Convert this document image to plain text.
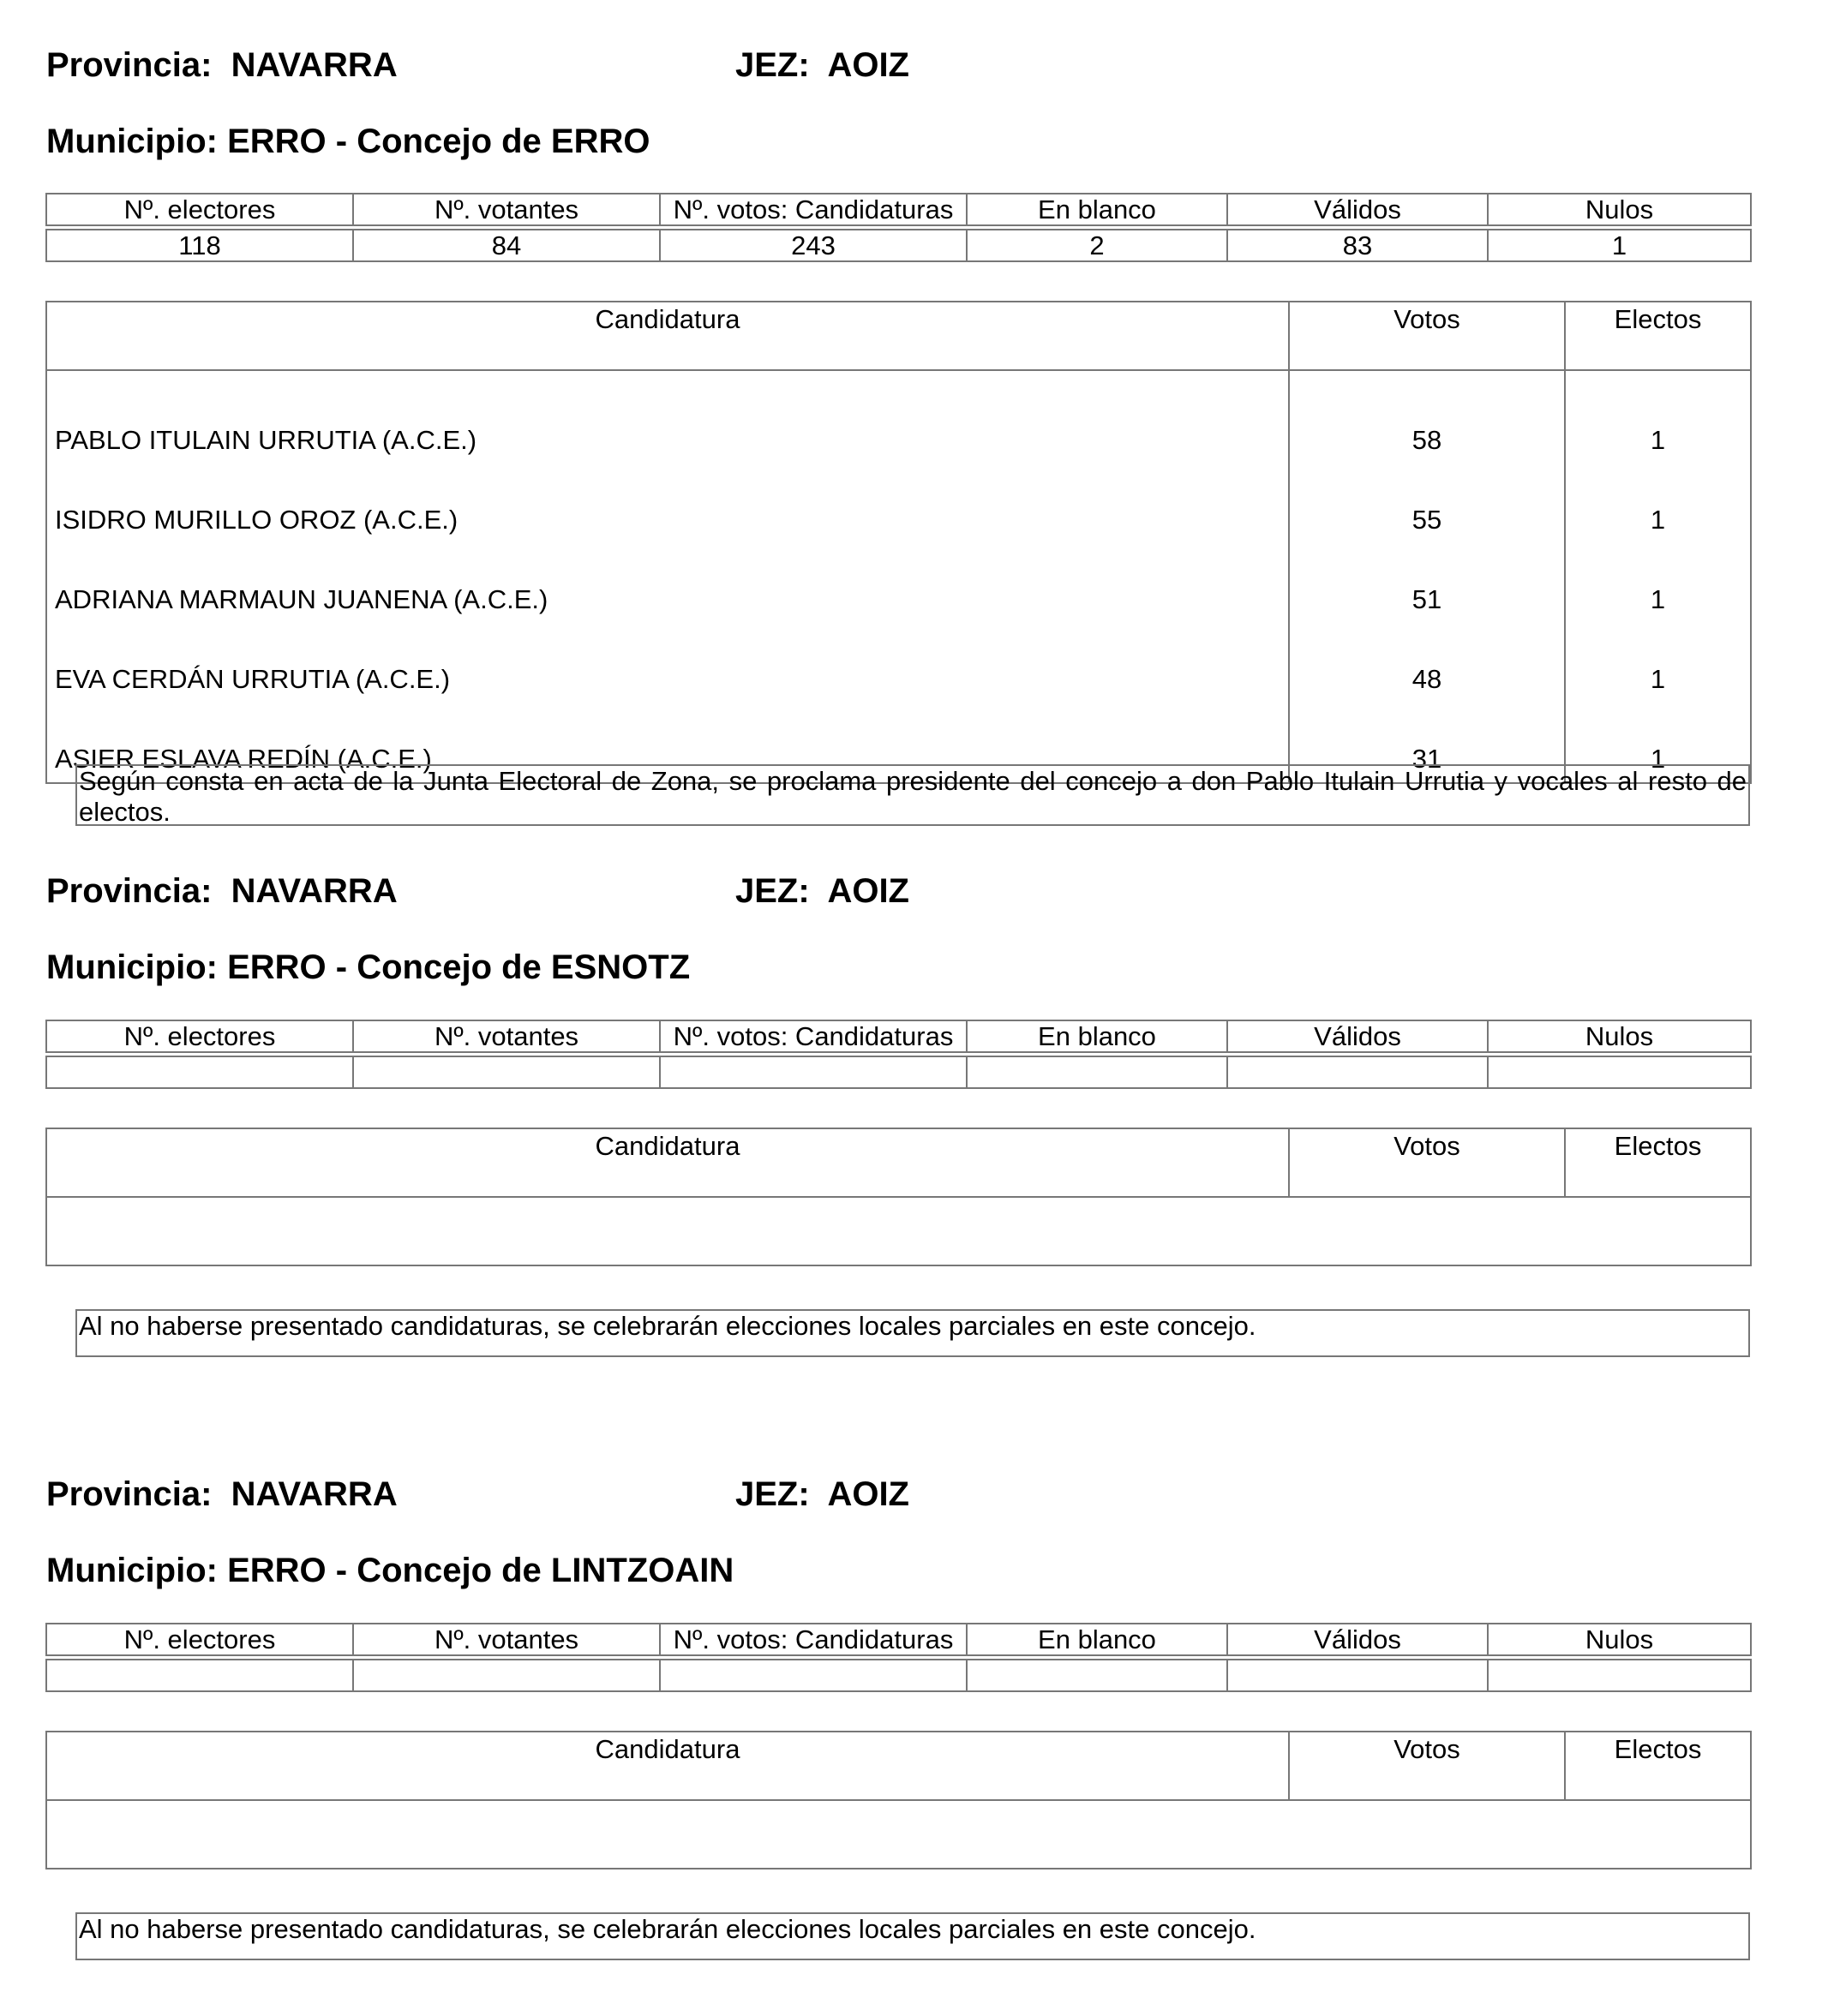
Provincia: NAVARRA	JEZ: AOIZ
Municipio: ERRO - Concejo de ERRO
Nº. electores	Nº. votantes	Nº. votos: Candidaturas	En blanco	Válidos	Nulos
118	84	243	2	83	1
Candidatura	Votos	Electos
PABLO ITULAIN URRUTIA (A.C.E.)	58	1
ISIDRO MURILLO OROZ (A.C.E.)	55	1
ADRIANA MARMAUN JUANENA (A.C.E.)	51	1
EVA CERDÁN URRUTIA (A.C.E.)	48	1
ASIER ESLAVA REDÍN (A.C.E.)	31	1
Según consta en acta de la Junta Electoral de Zona, se proclama presidente del concejo a don Pablo Itulain Urrutia y vocales al resto de electos.
Provincia: NAVARRA	JEZ: AOIZ
Municipio: ERRO - Concejo de ESNOTZ
Nº. electores	Nº. votantes	Nº. votos: Candidaturas	En blanco	Válidos	Nulos

Candidatura	Votos	Electos

Al no haberse presentado candidaturas, se celebrarán elecciones locales parciales en este concejo.
Provincia: NAVARRA	JEZ: AOIZ
Municipio: ERRO - Concejo de LINTZOAIN
Nº. electores	Nº. votantes	Nº. votos: Candidaturas	En blanco	Válidos	Nulos

Candidatura	Votos	Electos

Al no haberse presentado candidaturas, se celebrarán elecciones locales parciales en este concejo.
